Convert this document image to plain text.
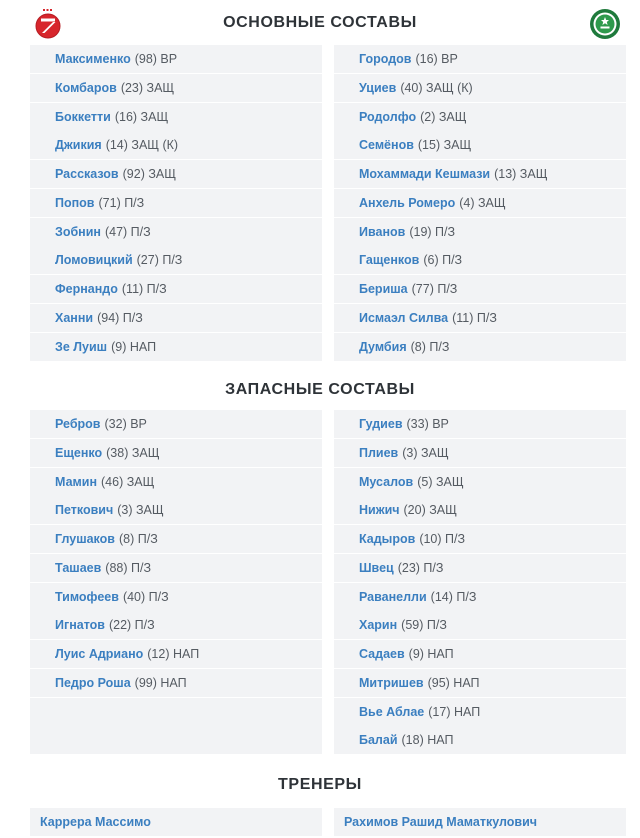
ОСНОВНЫЕ СОСТАВЫ
Максименко (98) ВР
Комбаров (23) ЗАЩ
Боккетти (16) ЗАЩ
Джикия (14) ЗАЩ (К)
Рассказов (92) ЗАЩ
Попов (71) П/З
Зобнин (47) П/З
Ломовицкий (27) П/З
Фернандо (11) П/З
Ханни (94) П/З
Зе Луиш (9) НАП
Городов (16) ВР
Уциев (40) ЗАЩ (К)
Родолфо (2) ЗАЩ
Семёнов (15) ЗАЩ
Мохаммади Кешмази (13) ЗАЩ
Анхель Ромеро (4) ЗАЩ
Иванов (19) П/З
Гащенков (6) П/З
Бериша (77) П/З
Исмаэл Силва (11) П/З
Думбия (8) П/З
ЗАПАСНЫЕ СОСТАВЫ
Ребров (32) ВР
Ещенко (38) ЗАЩ
Мамин (46) ЗАЩ
Петкович (3) ЗАЩ
Глушаков (8) П/З
Ташаев (88) П/З
Тимофеев (40) П/З
Игнатов (22) П/З
Луис Адриано (12) НАП
Педро Роша (99) НАП
Гудиев (33) ВР
Плиев (3) ЗАЩ
Мусалов (5) ЗАЩ
Нижич (20) ЗАЩ
Кадыров (10) П/З
Швец (23) П/З
Раванелли (14) П/З
Харин (59) П/З
Садаев (9) НАП
Митришев (95) НАП
Вье Аблае (17) НАП
Балай (18) НАП
ТРЕНЕРЫ
Каррера Массимо	Рахимов Рашид Маматкулович
